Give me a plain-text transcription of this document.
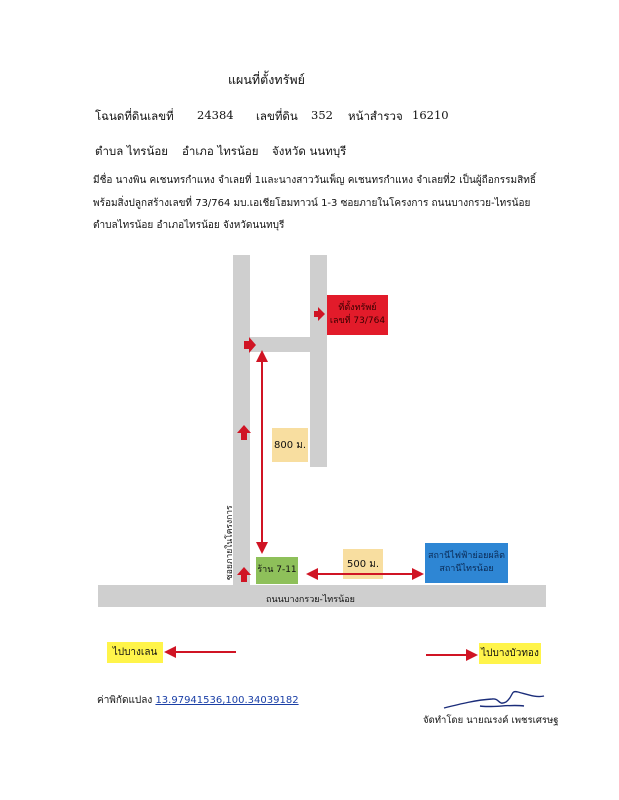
แผนที่ตั้งทรัพย์
โฉนดที่ดินเลขที่ 24384 เลขที่ดิน 352 หน้าสำรวจ 16210
ตำบล ไทรน้อย อำเภอ ไทรน้อย จังหวัด นนทบุรี
มีชื่อ นางพิน คเชนทรกำแหง จำเลยที่ 1และนางสาววันเพ็ญ คเชนทรกำแหง จำเลยที่2 เป็นผู้ถือกรรมสิทธิ์
พร้อมสิ่งปลูกสร้างเลขที่ 73/764 มบ.เอเชียโฮมทาวน์ 1-3 ซอยภายในโครงการ ถนนบางกรวย-ไทรน้อย
ตำบลไทรน้อย อำเภอไทรน้อย จังหวัดนนทบุรี
ที่ตั้งทรัพย์
เลขที่ 73/764
800 ม.
ร้าน 7-11
500 ม.
สถานีไฟฟ้าย่อยผลิต
สถานีไทรน้อย
ซอยภายในโครงการ
ถนนบางกรวย-ไทรน้อย
ไปบางเลน	ไปบางบัวทอง
ค่าพิกัดแปลง 13.97941536,100.34039182
จัดทำโดย นายณรงค์ เพชรเศรษฐ
